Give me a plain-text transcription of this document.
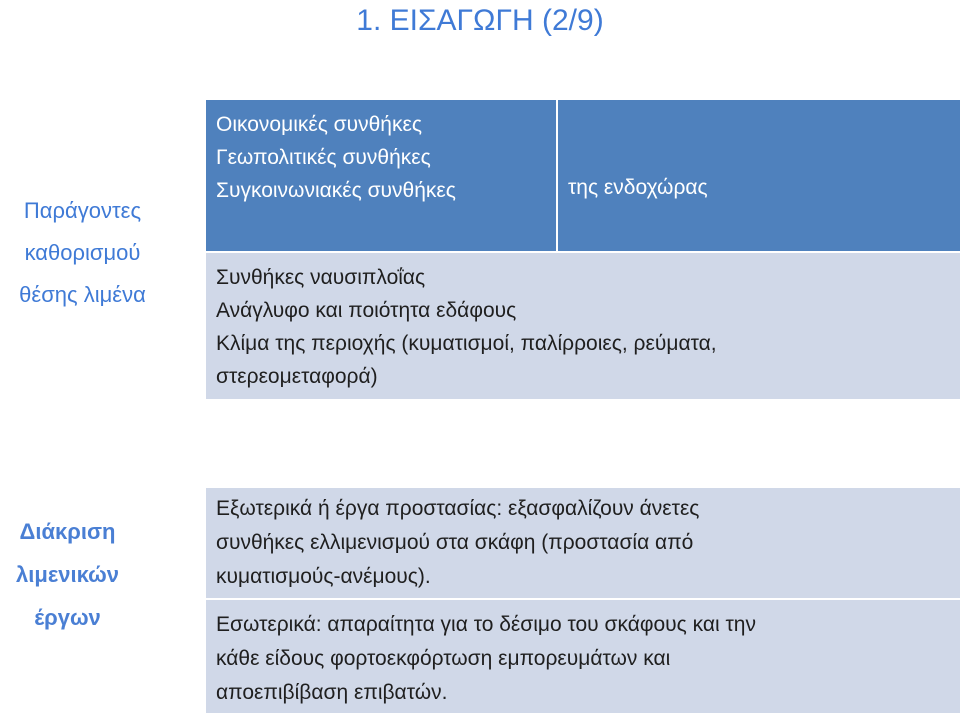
1. ΕΙΣΑΓΩΓΗ (2/9)
Παράγοντες
καθορισμού
θέσης λιμένα
Οικονομικές συνθήκες
Γεωπολιτικές συνθήκες
Συγκοινωνιακές συνθήκες	της ενδοχώρας
Συνθήκες ναυσιπλοΐας
Ανάγλυφο και ποιότητα εδάφους
Κλίμα της περιοχής (κυματισμοί, παλίρροιες, ρεύματα,
στερεομεταφορά)
Διάκριση
λιμενικών
έργων
Εξωτερικά ή έργα προστασίας: εξασφαλίζουν άνετες
συνθήκες ελλιμενισμού στα σκάφη (προστασία από
κυματισμούς-ανέμους).
Εσωτερικά: απαραίτητα για το δέσιμο του σκάφους και την
κάθε είδους φορτοεκφόρτωση εμπορευμάτων και
αποεπιβίβαση επιβατών.
